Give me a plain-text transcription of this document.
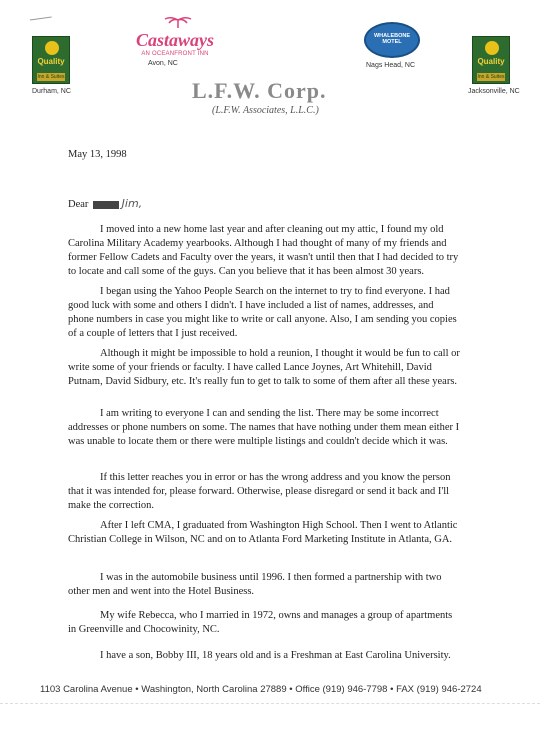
Quality
Inn & Suites
Durham, NC
Castaways
AN OCEANFRONT INN
Avon, NC
WHALEBONE MOTEL
Nags Head, NC	Quality
Inn & Suites
Jacksonville, NC
L.F.W. Corp.
(L.F.W. Associates, L.L.C.)
May 13, 1998
Dear	Jim,
I moved into a new home last year and after cleaning out my attic, I found my old Carolina Military Academy yearbooks. Although I had thought of many of my friends and former Fellow Cadets and Faculty over the years, it wasn't until then that I had decided to try to locate and call some of the guys. Can you believe that it has been almost 30 years.
I began using the Yahoo People Search on the internet to try to find everyone. I had good luck with some and others I didn't. I have included a list of names, addresses, and phone numbers in case you might like to write or call anyone. Also, I am sending you copies of a couple of letters that I just received.
Although it might be impossible to hold a reunion, I thought it would be fun to call or write some of your friends or faculty. I have called Lance Joynes, Art Whitehill, David Putnam, David Sidbury, etc. It's really fun to get to talk to some of them after all these years.
I am writing to everyone I can and sending the list. There may be some incorrect addresses or phone numbers on some. The names that have nothing under them mean either I was unable to locate them or there were multiple listings and couldn't decide which it was.
If this letter reaches you in error or has the wrong address and you know the person that it was intended for, please forward. Otherwise, please disregard or send it back and I'll make the correction.
After I left CMA, I graduated from Washington High School. Then I went to Atlantic Christian College in Wilson, NC and on to Atlanta Ford Marketing Institute in Atlanta, GA.
I was in the automobile business until 1996. I then formed a partnership with two other men and went into the Hotel Business.
My wife Rebecca, who I married in 1972, owns and manages a group of apartments in Greenville and Chocowinity, NC.
I have a son, Bobby III, 18 years old and is a Freshman at East Carolina University.
1103 Carolina Avenue • Washington, North Carolina 27889 • Office (919) 946-7798 • FAX (919) 946-2724
